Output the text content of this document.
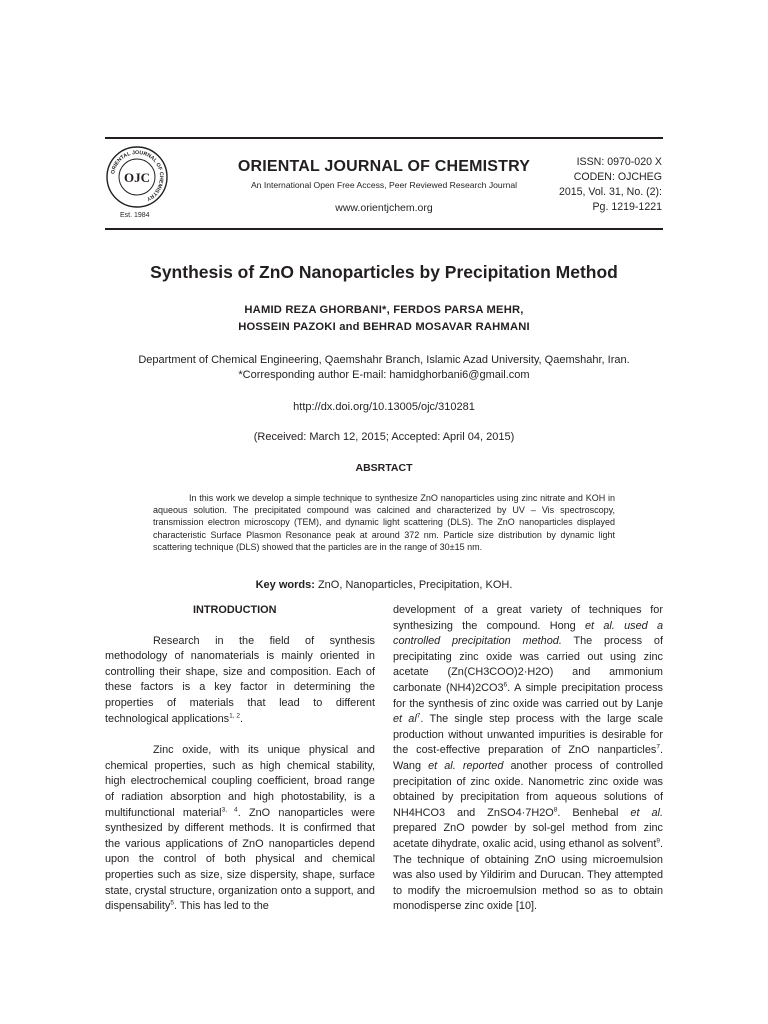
ORIENTAL JOURNAL OF CHEMISTRY
OJC
Est. 1984
ORIENTAL JOURNAL OF CHEMISTRY
An International Open Free Access, Peer Reviewed Research Journal
www.orientjchem.org
ISSN: 0970-020 X
CODEN: OJCHEG
2015, Vol. 31, No. (2):
Pg. 1219-1221
Synthesis of ZnO Nanoparticles by Precipitation Method
HAMID REZA GHORBANI*, FERDOS PARSA MEHR,
HOSSEIN PAZOKI and BEHRAD MOSAVAR RAHMANI
Department of Chemical Engineering, Qaemshahr Branch, Islamic Azad University, Qaemshahr, Iran.
*Corresponding author E-mail: hamidghorbani6@gmail.com
http://dx.doi.org/10.13005/ojc/310281
(Received: March 12, 2015; Accepted: April 04, 2015)
ABSRTACT
In this work we develop a simple technique to synthesize ZnO nanoparticles using zinc nitrate and KOH in aqueous solution. The precipitated compound was calcined and characterized by UV – Vis spectroscopy, transmission electron microscopy (TEM), and dynamic light scattering (DLS). The ZnO nanoparticles displayed characteristic Surface Plasmon Resonance peak at around 372 nm. Particle size distribution by dynamic light scattering technique (DLS) showed that the particles are in the range of 30±15 nm.
Key words: ZnO, Nanoparticles, Precipitation, KOH.

INTRODUCTION

Research in the field of synthesis methodology of nanomaterials is mainly oriented in controlling their shape, size and composition. Each of these factors is a key factor in determining the properties of materials that lead to different technological applications$^{1, 2}$.

Zinc oxide, with its unique physical and chemical properties, such as high chemical stability, high electrochemical coupling coefficient, broad range of radiation absorption and high photostability, is a multifunctional material$^{3, 4}$. ZnO nanoparticles were synthesized by different methods. It is confirmed that the various applications of ZnO nanoparticles depend upon the control of both physical and chemical properties such as size, size dispersity, shape, surface state, crystal structure, organization onto a support, and dispensability$^5$. This has led to the

development of a great variety of techniques for synthesizing the compound. Hong et al. used a controlled precipitation method. The process of precipitating zinc oxide was carried out using zinc acetate (Zn(CH3COO)2·H2O) and ammonium carbonate $(NH4)2CO3^6$. A simple precipitation process for the synthesis of zinc oxide was carried out by Lanje et $al^7$. The single step process with the large scale production without unwanted impurities is desirable for the cost-effective preparation of ZnO nanparticles$^7$. Wang et al. reported another process of controlled precipitation of zinc oxide. Nanometric zinc oxide was obtained by precipitation from aqueous solutions of NH4HCO3 and $ZnSO4\cdot 7H2O^8$. Benhebal et al. prepared ZnO powder by sol-gel method from zinc acetate dihydrate, oxalic acid, using ethanol as solvent$^9$. The technique of obtaining ZnO using microemulsion was also used by Yildirim and Durucan. They attempted to modify the microemulsion method so as to obtain monodisperse zinc oxide [10].
